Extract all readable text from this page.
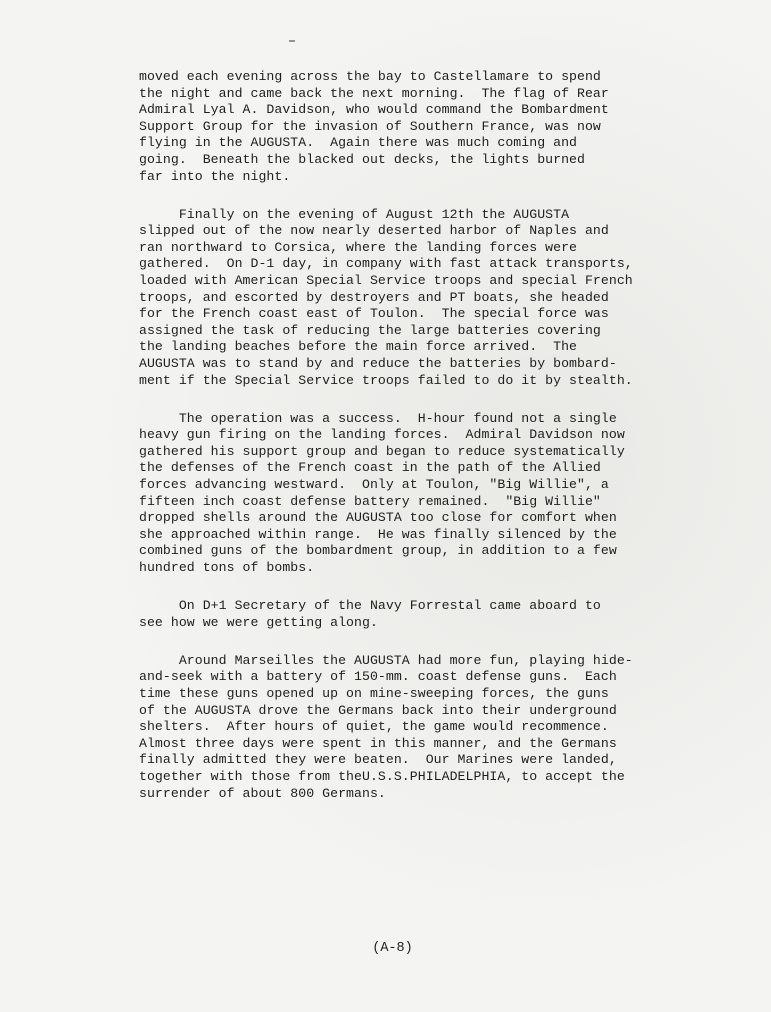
moved each evening across the bay to Castellamare to spend
the night and came back the next morning.  The flag of Rear
Admiral Lyal A. Davidson, who would command the Bombardment
Support Group for the invasion of Southern France, was now
flying in the AUGUSTA.  Again there was much coming and
going.  Beneath the blacked out decks, the lights burned
far into the night.
Finally on the evening of August 12th the AUGUSTA
slipped out of the now nearly deserted harbor of Naples and
ran northward to Corsica, where the landing forces were
gathered.  On D-1 day, in company with fast attack transports,
loaded with American Special Service troops and special French
troops, and escorted by destroyers and PT boats, she headed
for the French coast east of Toulon.  The special force was
assigned the task of reducing the large batteries covering
the landing beaches before the main force arrived.  The
AUGUSTA was to stand by and reduce the batteries by bombard-
ment if the Special Service troops failed to do it by stealth.
The operation was a success.  H-hour found not a single
heavy gun firing on the landing forces.  Admiral Davidson now
gathered his support group and began to reduce systematically
the defenses of the French coast in the path of the Allied
forces advancing westward.  Only at Toulon, "Big Willie", a
fifteen inch coast defense battery remained.  "Big Willie"
dropped shells around the AUGUSTA too close for comfort when
she approached within range.  He was finally silenced by the
combined guns of the bombardment group, in addition to a few
hundred tons of bombs.
On D+1 Secretary of the Navy Forrestal came aboard to
see how we were getting along.
Around Marseilles the AUGUSTA had more fun, playing hide-
and-seek with a battery of 150-mm. coast defense guns.  Each
time these guns opened up on mine-sweeping forces, the guns
of the AUGUSTA drove the Germans back into their underground
shelters.  After hours of quiet, the game would recommence.
Almost three days were spent in this manner, and the Germans
finally admitted they were beaten.  Our Marines were landed,
together with those from theU.S.S.PHILADELPHIA, to accept the
surrender of about 800 Germans.
(A-8)
